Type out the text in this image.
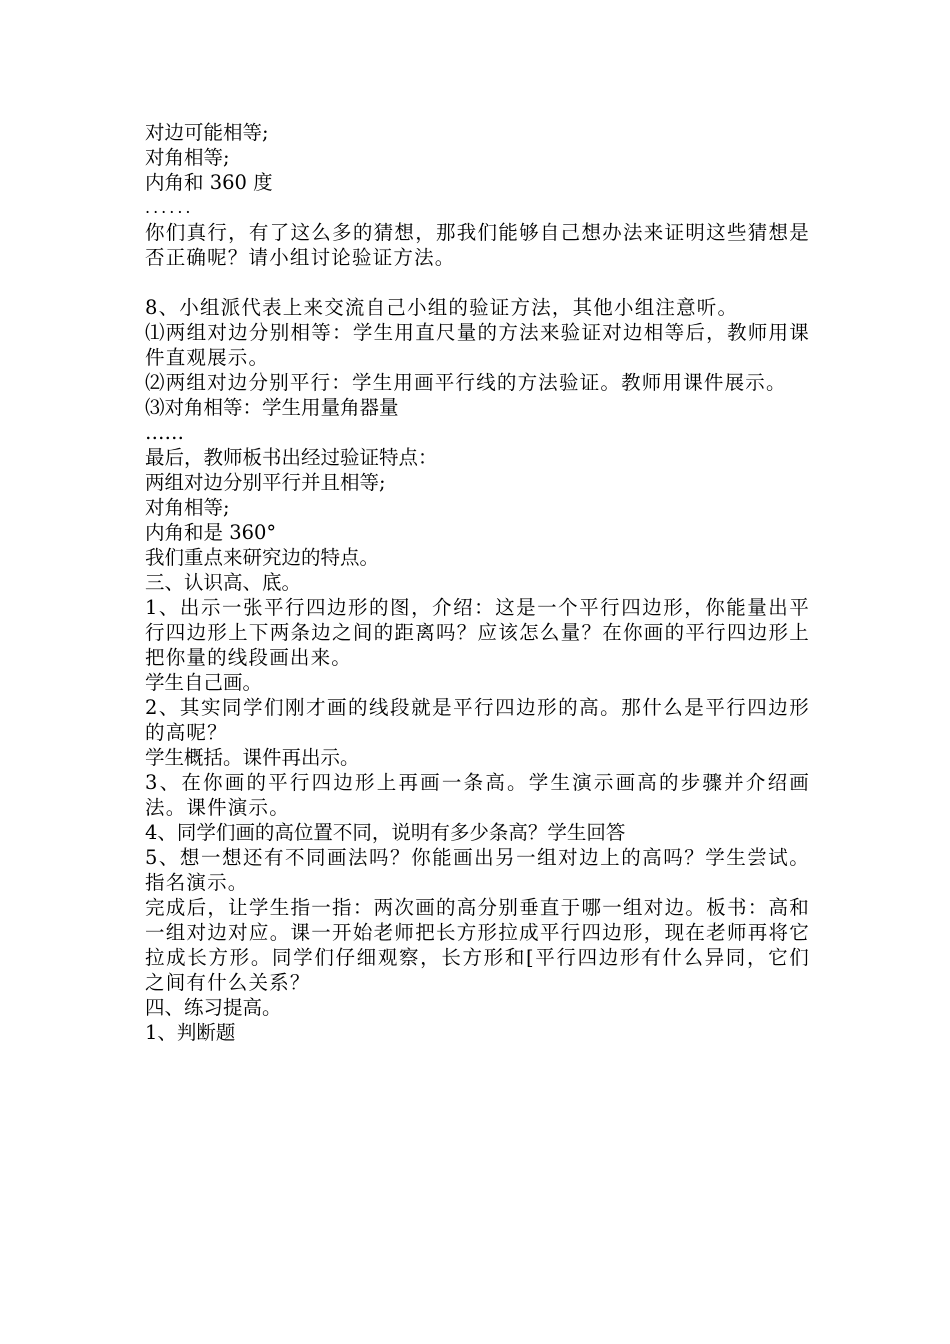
对边可能相等;
对角相等;
内角和 360 度
......
你们真行，有了这么多的猜想，那我们能够自己想办法来证明这些猜想是否正确呢？请小组讨论验证方法。
8、小组派代表上来交流自己小组的验证方法，其他小组注意听。
⑴两组对边分别相等：学生用直尺量的方法来验证对边相等后，教师用课件直观展示。
⑵两组对边分别平行：学生用画平行线的方法验证。教师用课件展示。
⑶对角相等：学生用量角器量
……
最后，教师板书出经过验证特点：
两组对边分别平行并且相等;
对角相等;
内角和是 360°
我们重点来研究边的特点。
三、认识高、底。
1、出示一张平行四边形的图，介绍：这是一个平行四边形，你能量出平行四边形上下两条边之间的距离吗？应该怎么量？在你画的平行四边形上把你量的线段画出来。
学生自己画。
2、其实同学们刚才画的线段就是平行四边形的高。那什么是平行四边形的高呢？
学生概括。课件再出示。
3、在你画的平行四边形上再画一条高。学生演示画高的步骤并介绍画法。课件演示。
4、同学们画的高位置不同，说明有多少条高？学生回答
5、想一想还有不同画法吗？你能画出另一组对边上的高吗？学生尝试。指名演示。
完成后，让学生指一指：两次画的高分别垂直于哪一组对边。板书：高和一组对边对应。课一开始老师把长方形拉成平行四边形，现在老师再将它拉成长方形。同学们仔细观察，长方形和[平行四边形有什么异同，它们之间有什么关系？
四、练习提高。
1、判断题
